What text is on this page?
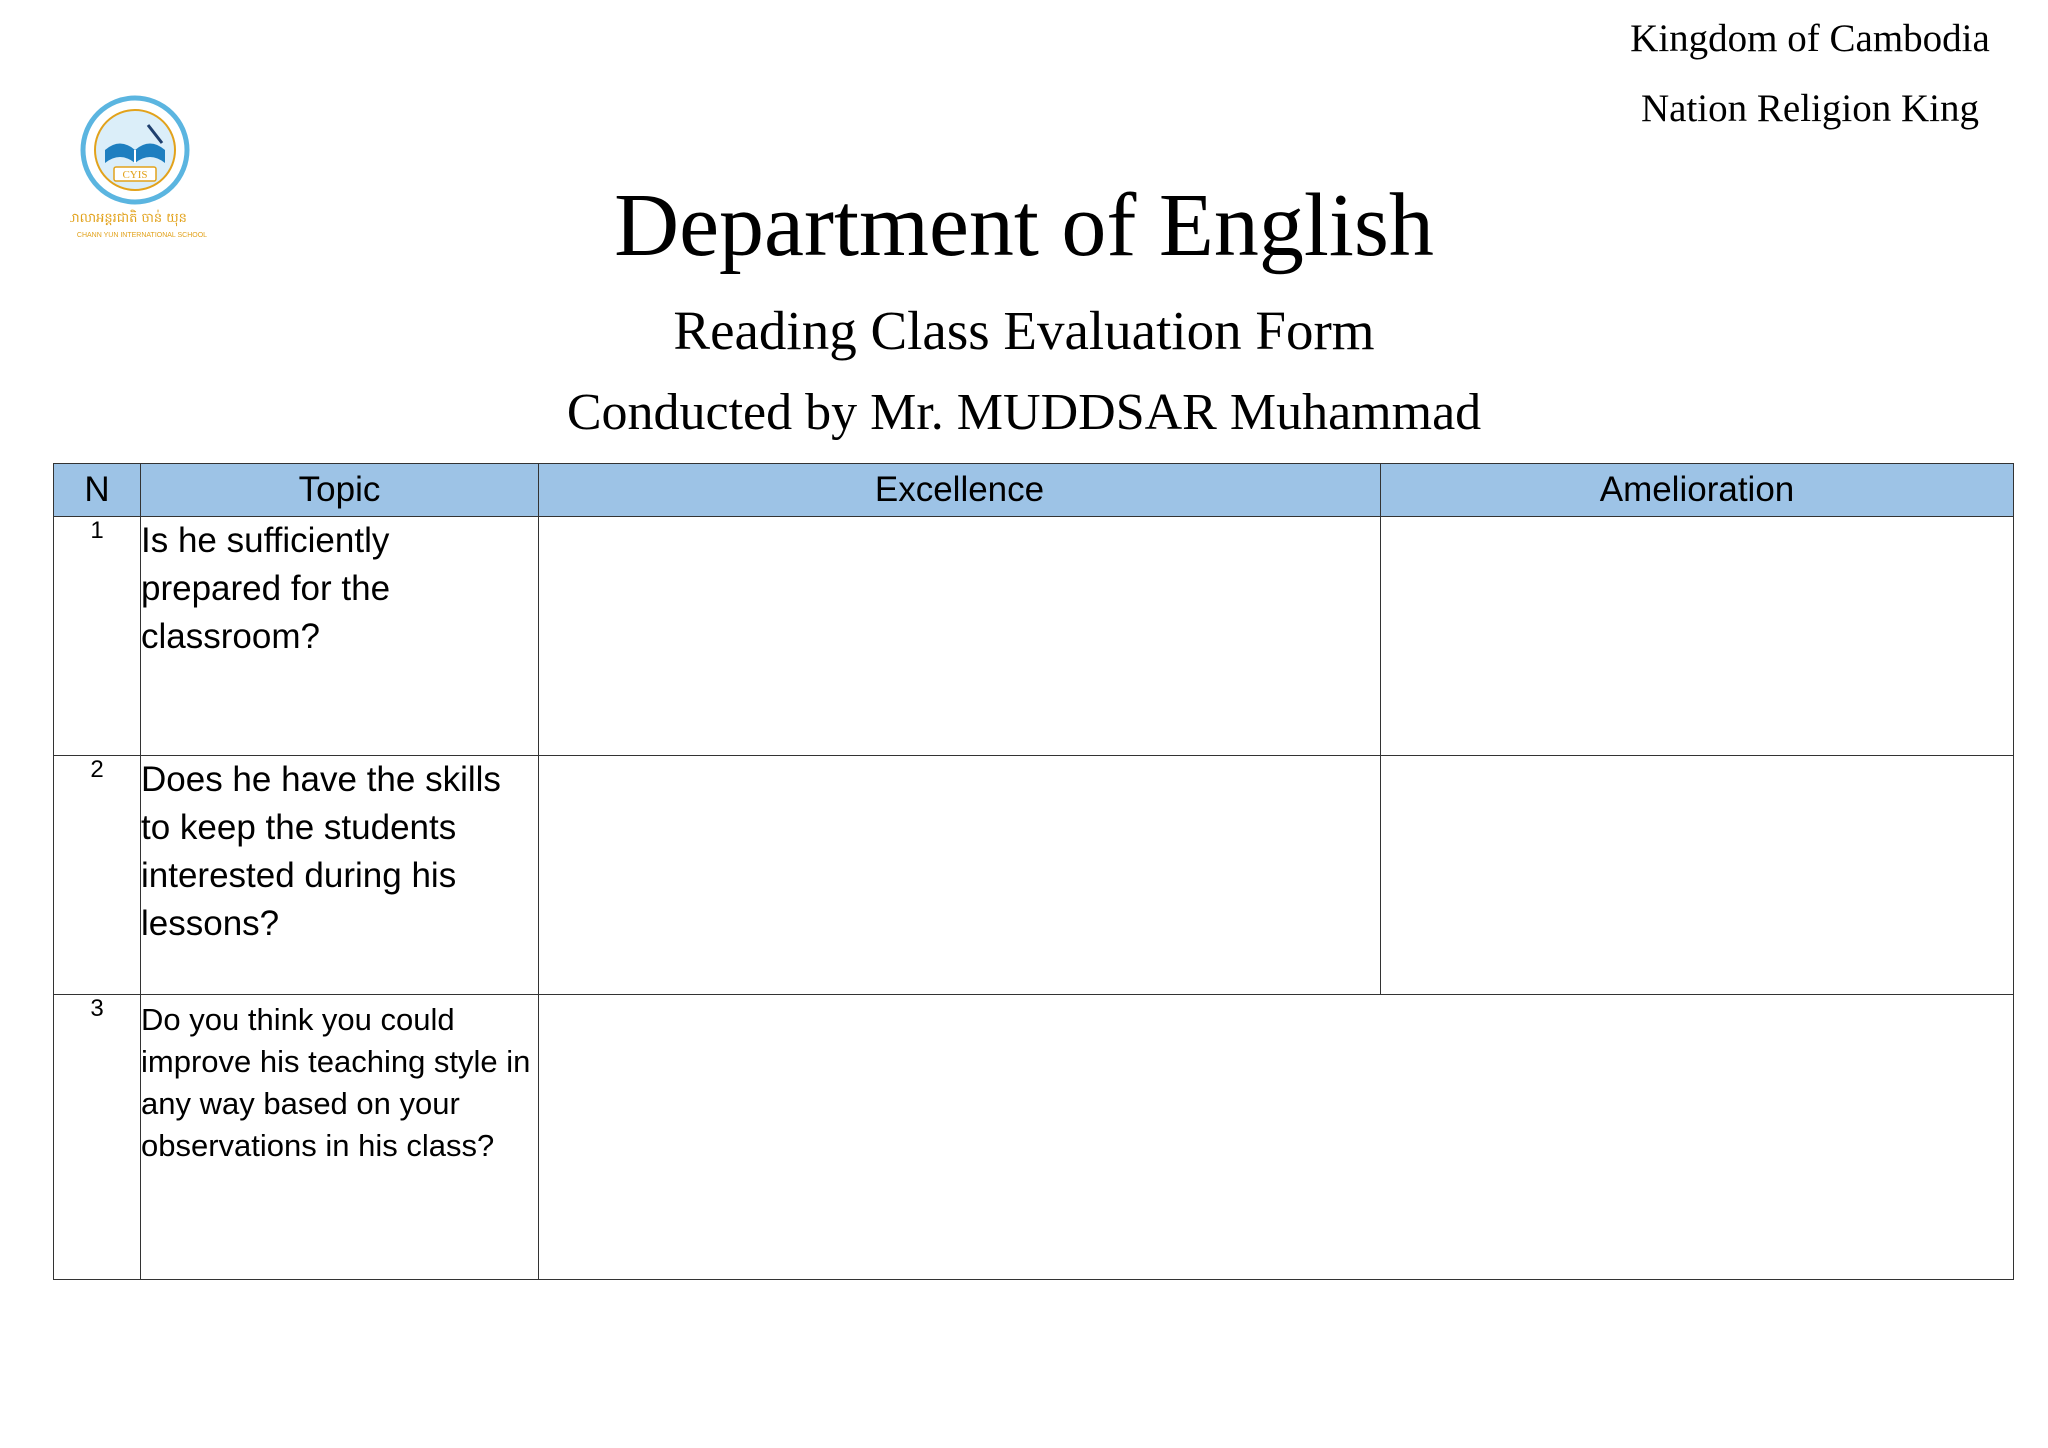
Kingdom of Cambodia
Nation Religion King
CYIS
សាលាអន្តរជាតិ ចាន់ យុន
CHANN YUN INTERNATIONAL SCHOOL	Department of English
Reading Class Evaluation Form
Conducted by Mr. MUDDSAR Muhammad
N	Topic	Excellence	Amelioration
1	Is he sufficiently prepared for the classroom?		
2	Does he have the skills to keep the students interested during his lessons?		
3	Do you think you could improve his teaching style in any way based on your observations in his class?		
